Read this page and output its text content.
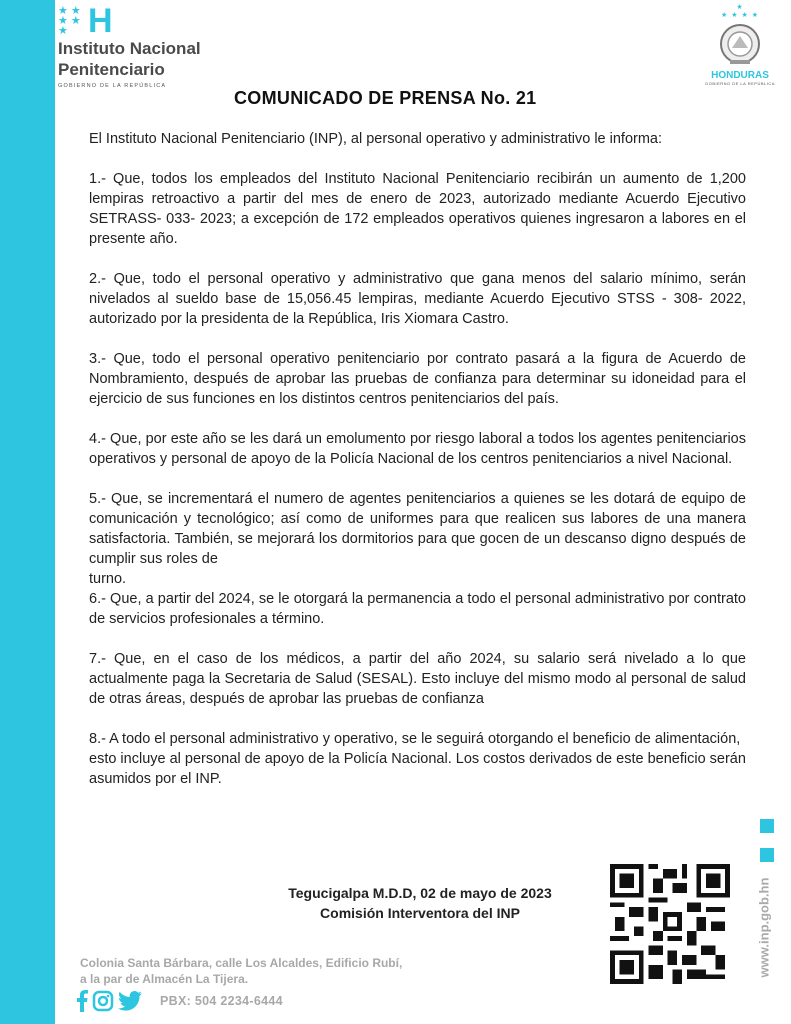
★ ★
★ ★
★ H
Instituto Nacional
Penitenciario
GOBIERNO DE LA REPÚBLICA
★
★ ★ ★ ★
HONDURAS
GOBIERNO DE LA REPÚBLICA
COMUNICADO DE PRENSA No. 21

El Instituto Nacional Penitenciario (INP), al personal operativo y administrativo le informa:

1.- Que, todos los empleados del Instituto Nacional Penitenciario recibirán un aumento de 1,200 lempiras retroactivo a partir del mes de enero de 2023, autorizado mediante Acuerdo Ejecutivo SETRASS- 033- 2023; a excepción de 172 empleados operativos quienes ingresaron a labores en el presente año.

2.- Que, todo el personal operativo y administrativo que gana menos del salario mínimo, serán nivelados al sueldo base de 15,056.45 lempiras, mediante Acuerdo Ejecutivo STSS - 308- 2022, autorizado por la presidenta de la República, Iris Xiomara Castro.

3.- Que, todo el personal operativo penitenciario por contrato pasará a la figura de Acuerdo de Nombramiento, después de aprobar las pruebas de confianza para determinar su idoneidad para el ejercicio de sus funciones en los distintos centros penitenciarios del país.

4.- Que, por este año se les dará un emolumento por riesgo laboral a todos los agentes penitenciarios operativos y personal de apoyo de la Policía Nacional de los centros penitenciarios a nivel Nacional.

5.- Que, se incrementará el numero de agentes penitenciarios a quienes se les dotará de equipo de comunicación y tecnológico; así como de uniformes para que realicen sus labores de una manera satisfactoria. También, se mejorará los dormitorios para que gocen de un descanso digno después de cumplir sus roles de

turno.

6.- Que, a partir del 2024, se le otorgará la permanencia a todo el personal administrativo por contrato de servicios profesionales a término.

7.- Que, en el caso de los médicos, a partir del año 2024, su salario será nivelado a lo que actualmente paga la Secretaria de Salud (SESAL). Esto incluye del mismo modo al personal de salud de otras áreas, después de aprobar las pruebas de confianza

8.- A todo el personal administrativo y operativo, se le seguirá otorgando el beneficio de alimentación, esto incluye al personal de apoyo de la Policía Nacional. Los costos derivados de este beneficio serán asumidos por el INP.

Tegucigalpa M.D.D, 02 de mayo de 2023
Comisión Interventora del INP	www.inp.gob.hn
★ ★
★ ★
★ H
Colonia Santa Bárbara, calle Los Alcaldes, Edificio Rubí, a la par de Almacén La Tijera.
PBX: 504 2234-6444
